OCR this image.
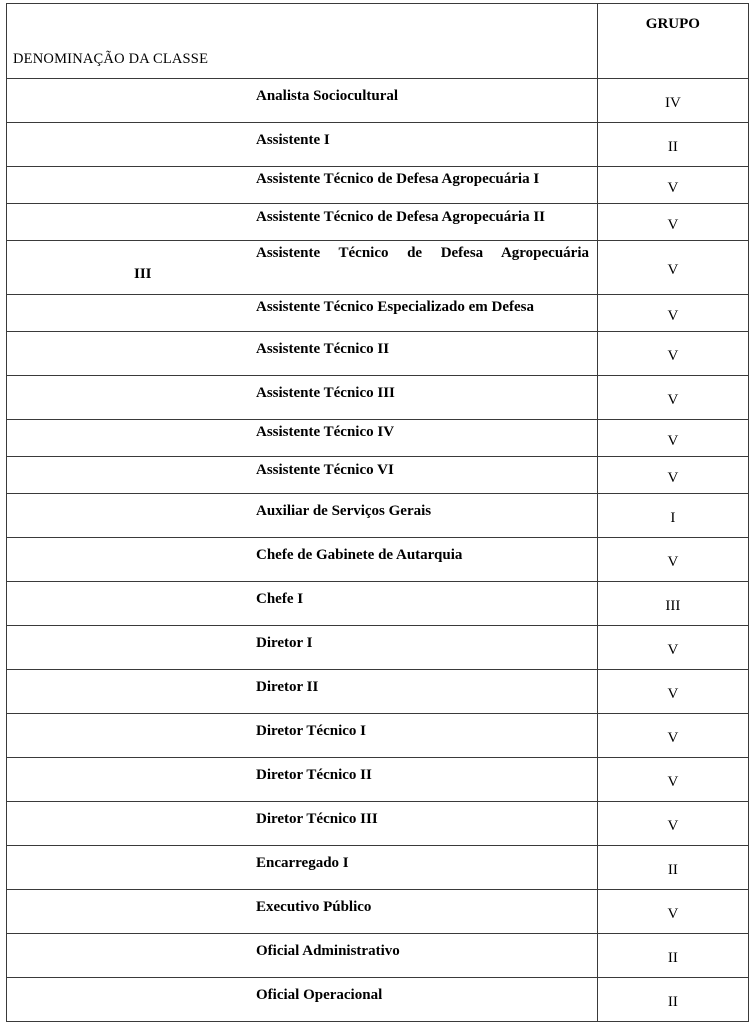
DENOMINAÇÃO DA CLASSE	GRUPO

Analista Sociocultural	IV

Assistente I	II

Assistente Técnico de Defesa Agropecuária I	V

Assistente Técnico de Defesa Agropecuária II	V

Assistente Técnico de Defesa Agropecuária
III	V

Assistente Técnico Especializado em Defesa	V

Assistente Técnico II	V

Assistente Técnico III	V

Assistente Técnico IV	V

Assistente Técnico VI	V

Auxiliar de Serviços Gerais	I

Chefe de Gabinete de Autarquia	V

Chefe I	III

Diretor I	V

Diretor II	V

Diretor Técnico I	V

Diretor Técnico II	V

Diretor Técnico III	V

Encarregado I	II

Executivo Público	V

Oficial Administrativo	II

Oficial Operacional	II
